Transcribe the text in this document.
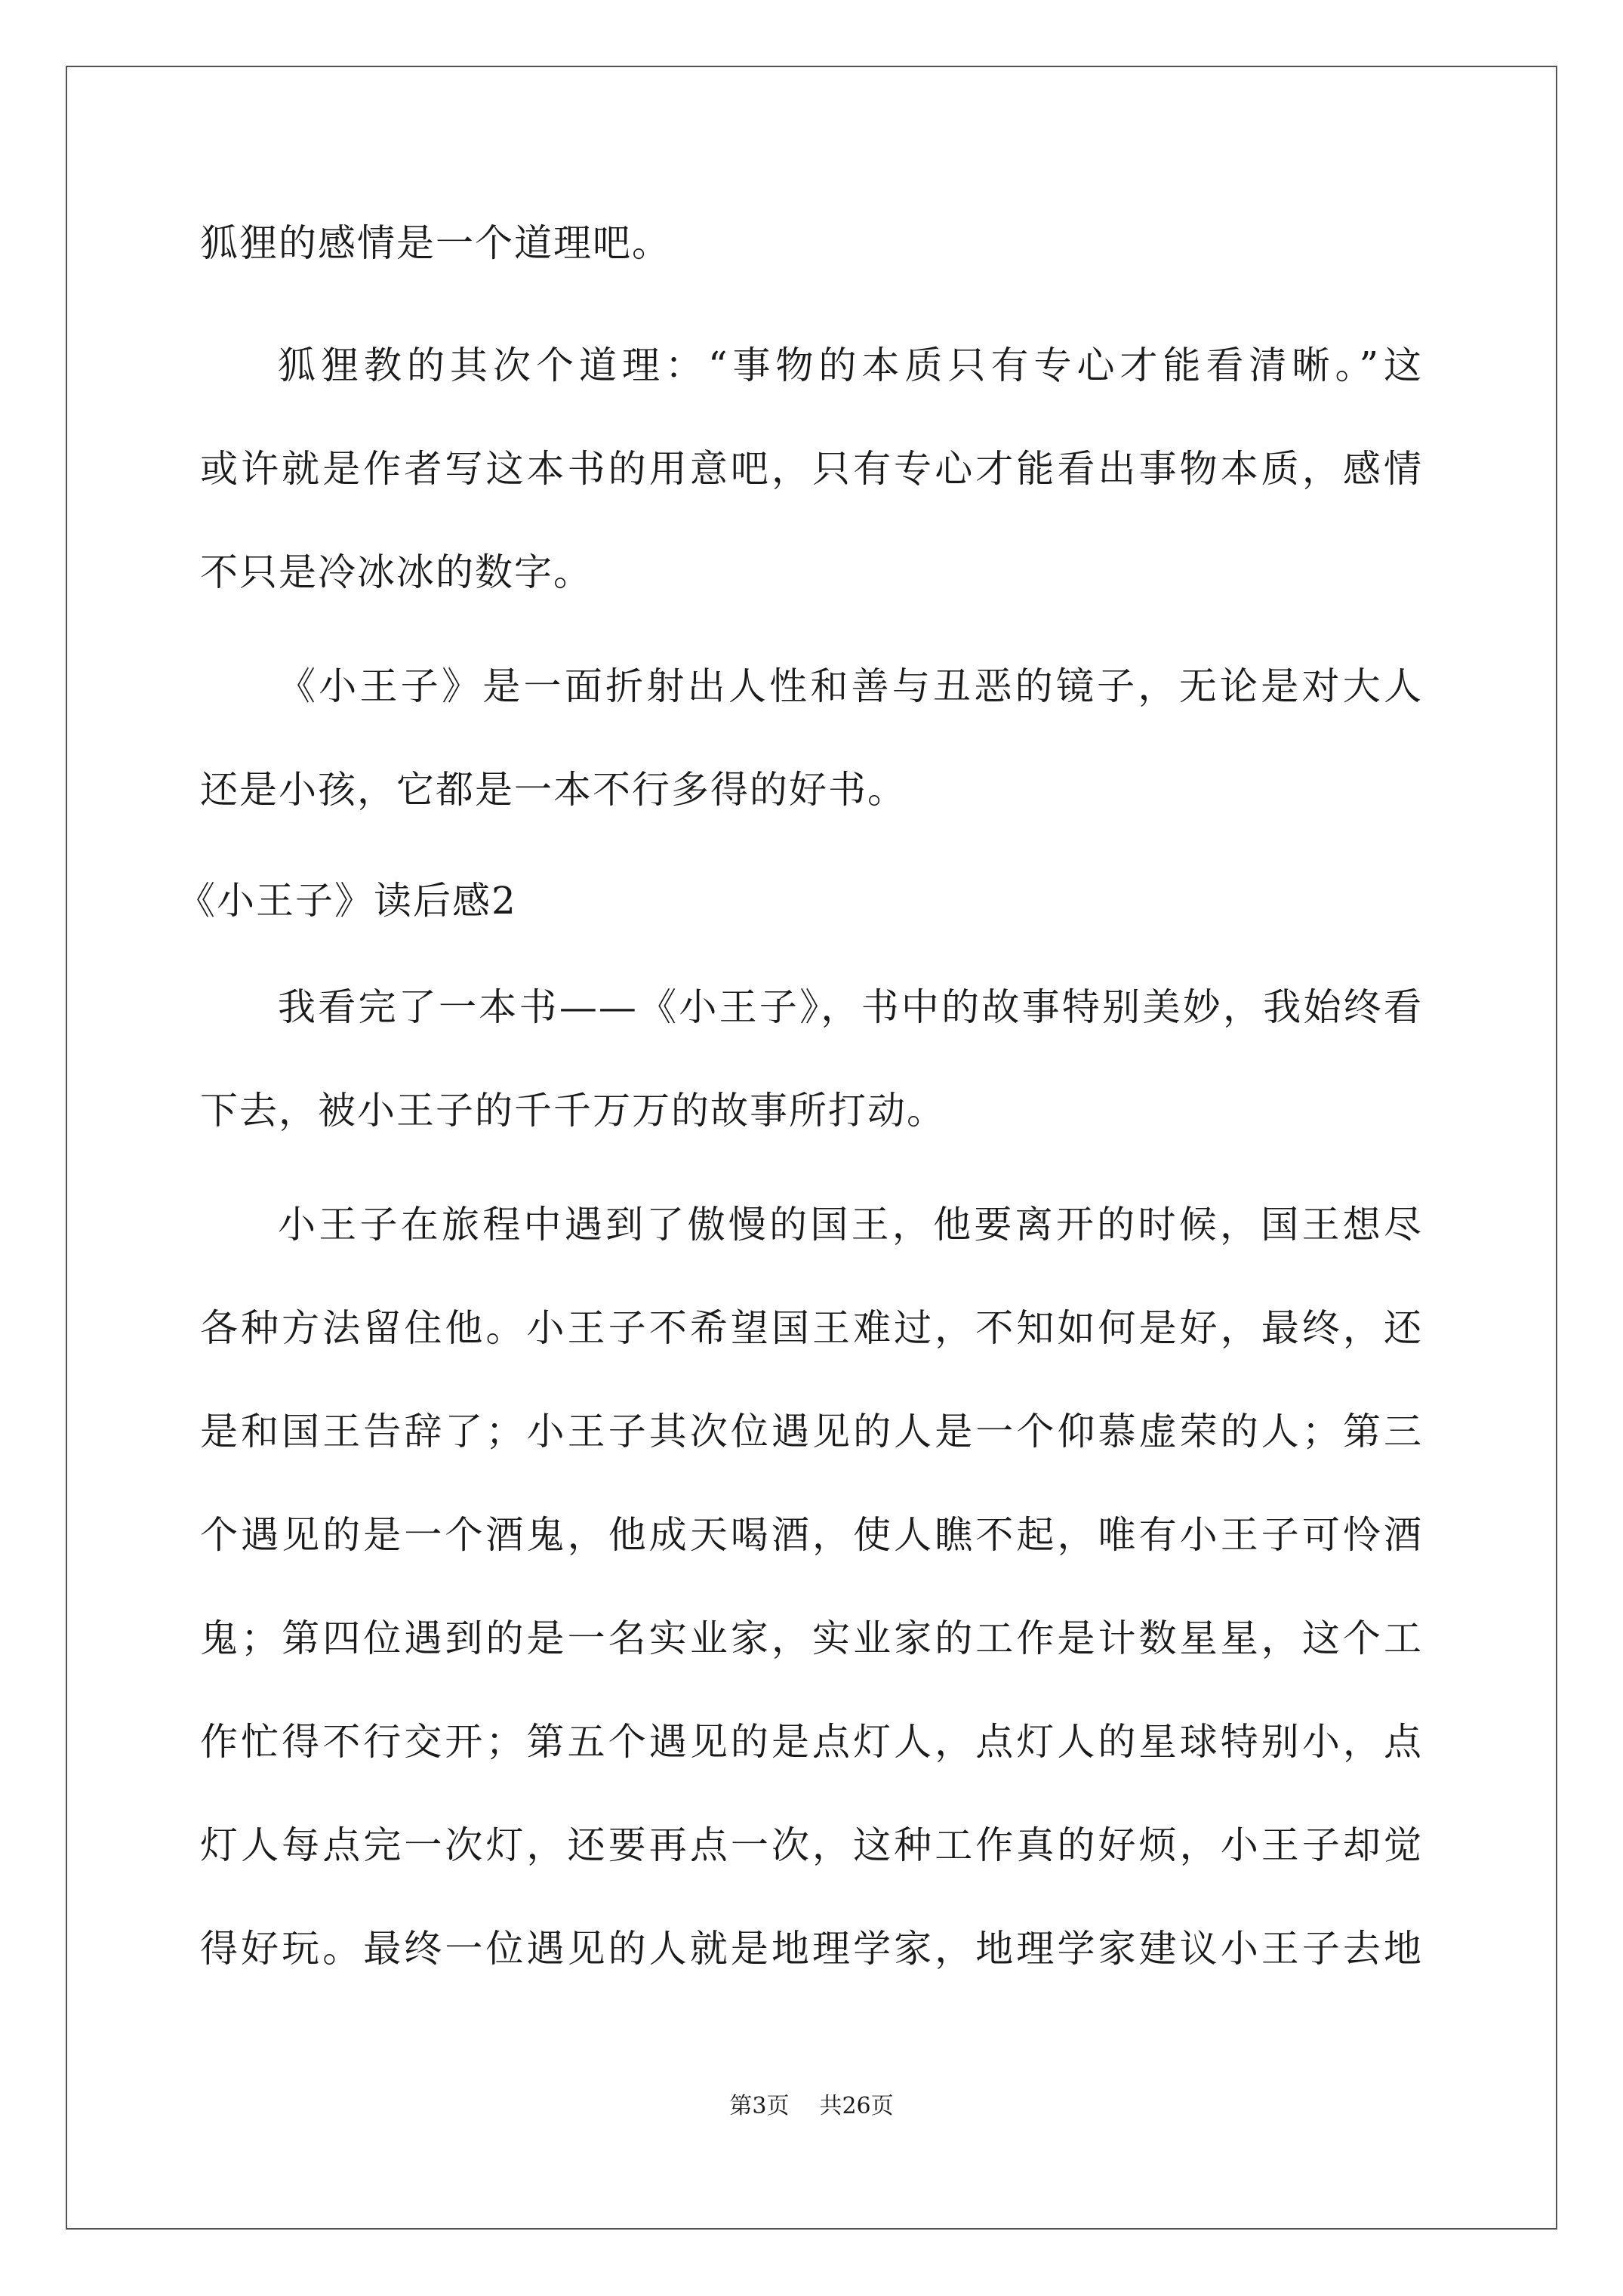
狐狸的感情是一个道理吧。

狐狸教的其次个道理：“事物的本质只有专心才能看清晰。”这

或许就是作者写这本书的用意吧，只有专心才能看出事物本质，感情

不只是冷冰冰的数字。

《小王子》是一面折射出人性和善与丑恶的镜子，无论是对大人

还是小孩，它都是一本不行多得的好书。

《小王子》读后感2

我看完了一本书——《小王子》，书中的故事特别美妙，我始终看

下去，被小王子的千千万万的故事所打动。

小王子在旅程中遇到了傲慢的国王，他要离开的时候，国王想尽

各种方法留住他。小王子不希望国王难过，不知如何是好，最终，还

是和国王告辞了；小王子其次位遇见的人是一个仰慕虚荣的人；第三

个遇见的是一个酒鬼，他成天喝酒，使人瞧不起，唯有小王子可怜酒

鬼；第四位遇到的是一名实业家，实业家的工作是计数星星，这个工

作忙得不行交开；第五个遇见的是点灯人，点灯人的星球特别小，点

灯人每点完一次灯，还要再点一次，这种工作真的好烦，小王子却觉

得好玩。最终一位遇见的人就是地理学家，地理学家建议小王子去地

第3页 共26页
